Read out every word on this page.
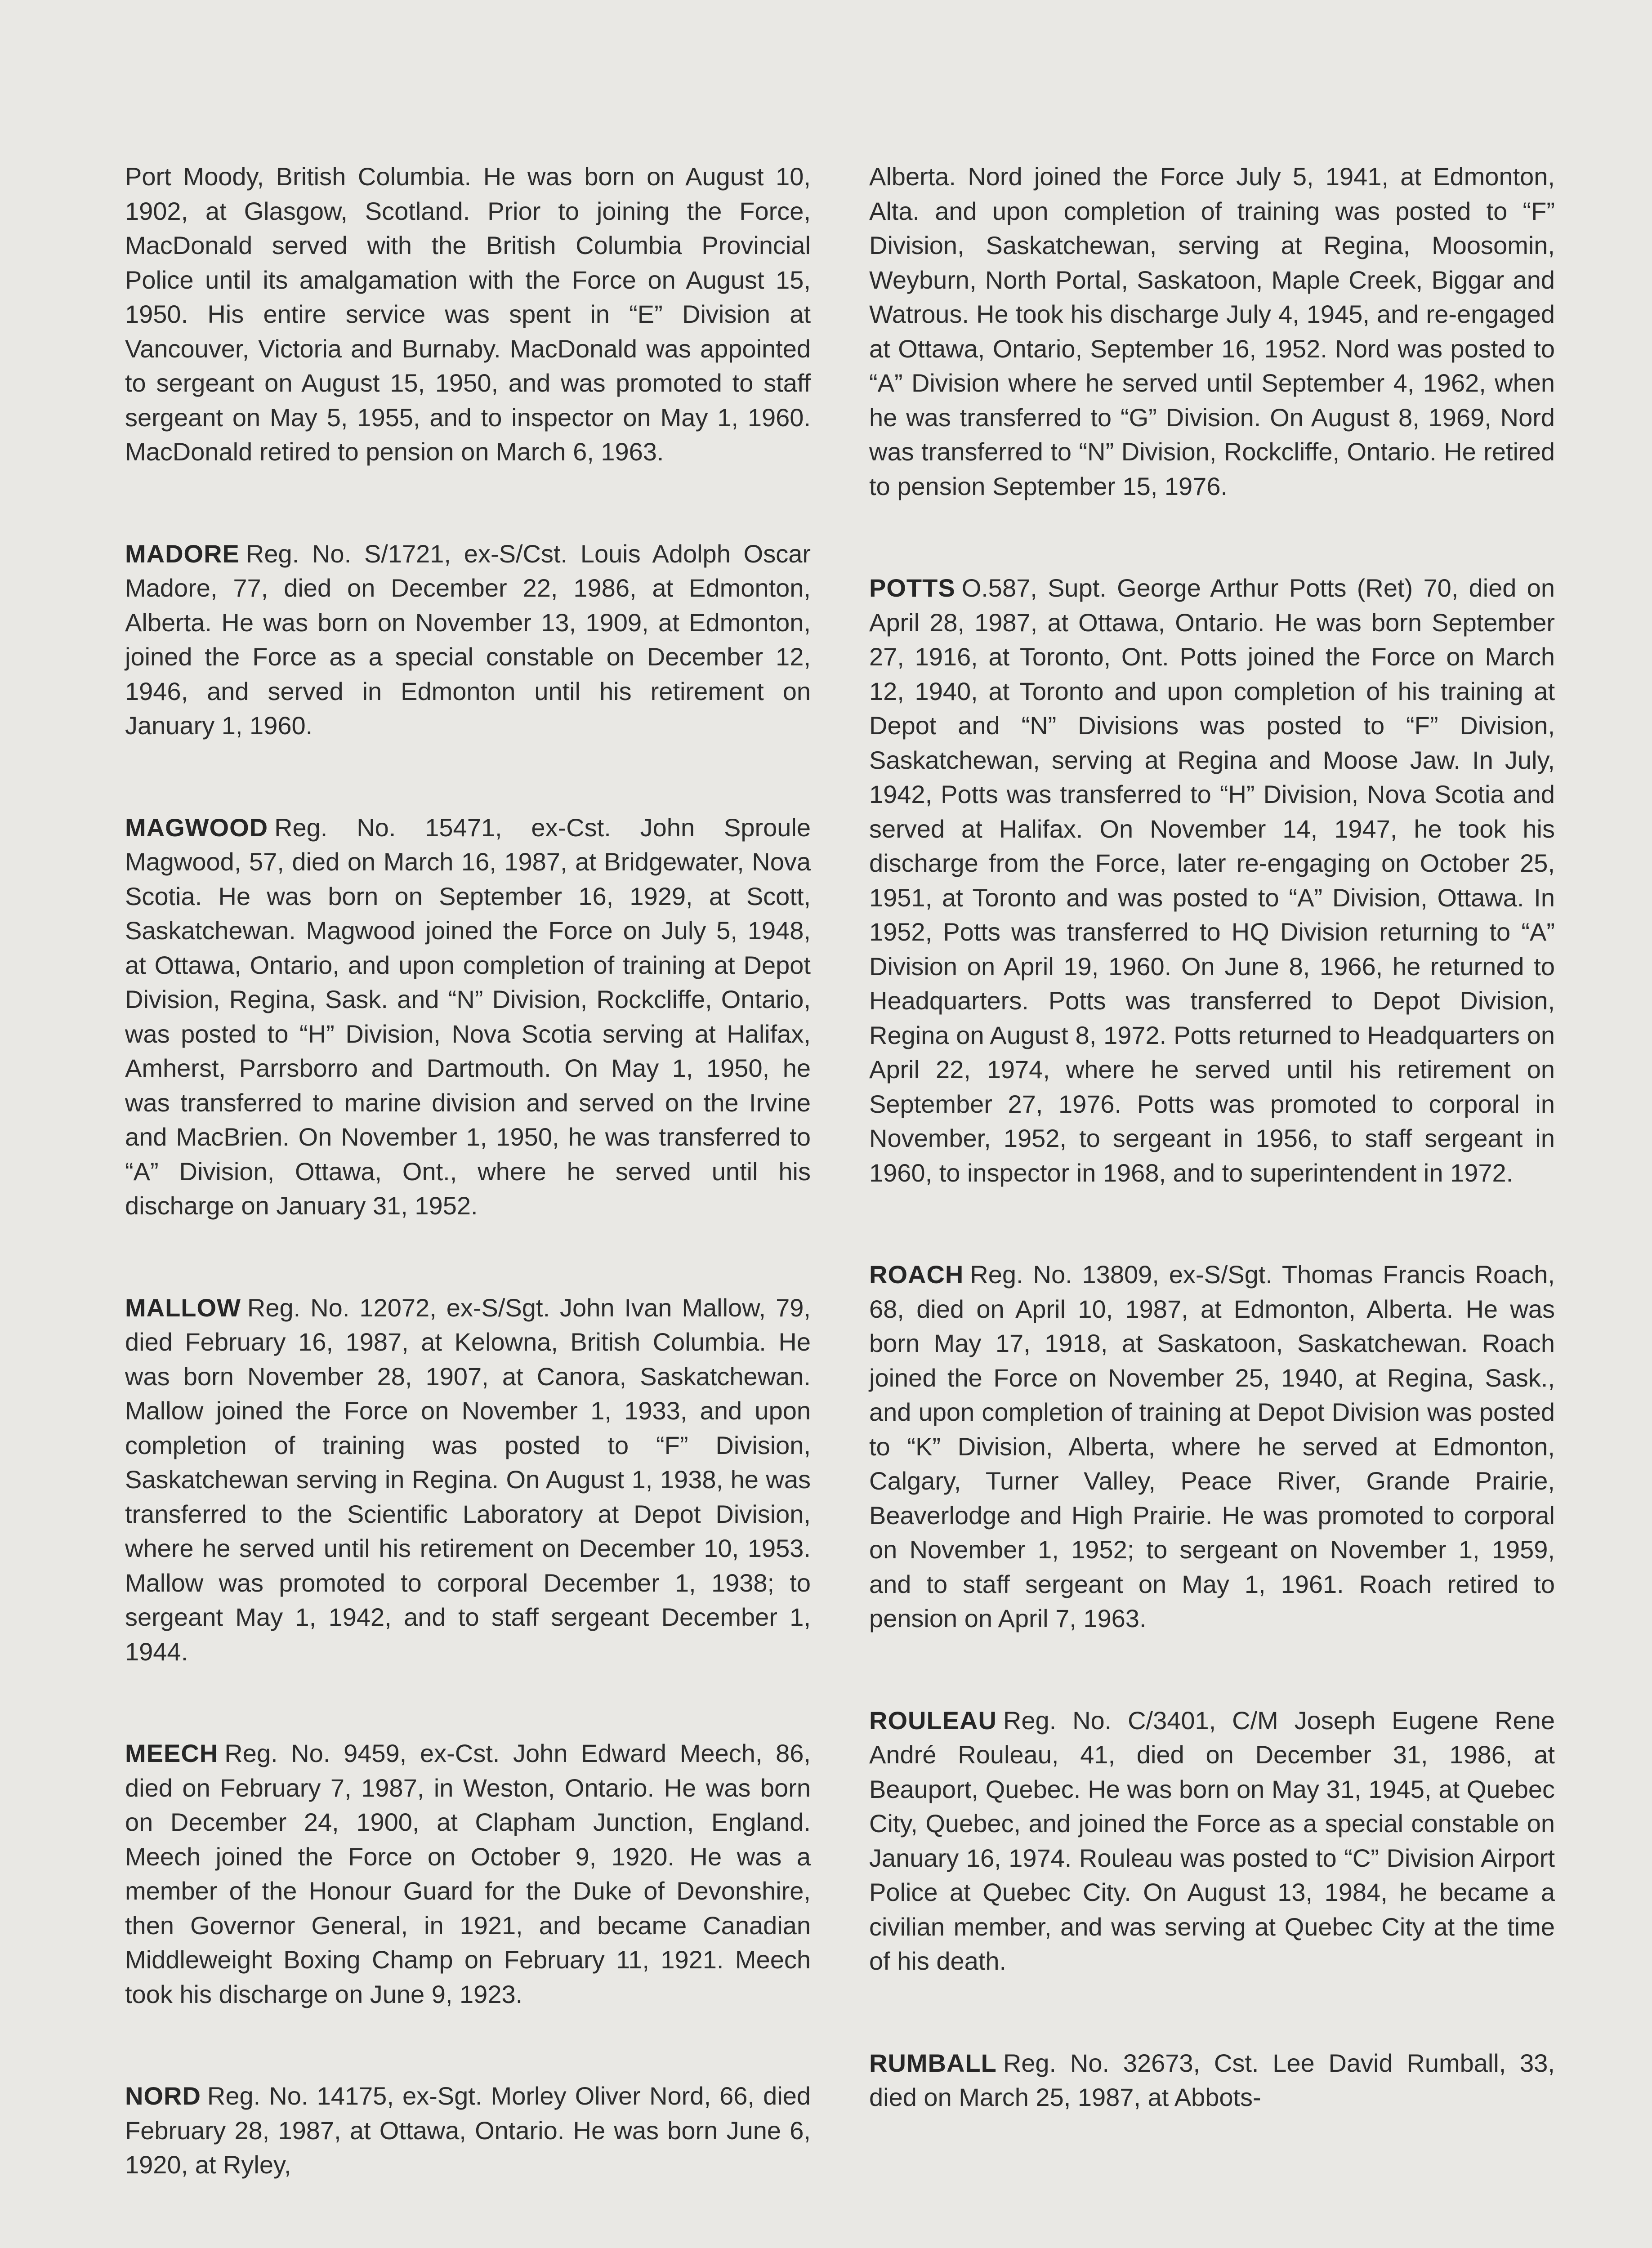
Port Moody, British Columbia. He was born on August 10, 1902, at Glasgow, Scotland. Prior to joining the Force, MacDonald served with the British Columbia Provincial Police until its amalgamation with the Force on August 15, 1950. His entire service was spent in “E” Division at Vancouver, Victoria and Burnaby. MacDonald was appointed to sergeant on August 15, 1950, and was promoted to staff sergeant on May 5, 1955, and to inspector on May 1, 1960. MacDonald retired to pension on March 6, 1963.

MADORE Reg. No. S/1721, ex-S/Cst. Louis Adolph Oscar Madore, 77, died on December 22, 1986, at Edmonton, Alberta. He was born on November 13, 1909, at Edmonton, joined the Force as a special constable on December 12, 1946, and served in Edmonton until his retirement on January 1, 1960.

MAGWOOD Reg. No. 15471, ex-Cst. John Sproule Magwood, 57, died on March 16, 1987, at Bridgewater, Nova Scotia. He was born on September 16, 1929, at Scott, Saskatchewan. Magwood joined the Force on July 5, 1948, at Ottawa, Ontario, and upon completion of training at Depot Division, Regina, Sask. and “N” Division, Rockcliffe, Ontario, was posted to “H” Division, Nova Scotia serving at Halifax, Amherst, Parrsborro and Dartmouth. On May 1, 1950, he was transferred to marine division and served on the Irvine and MacBrien. On November 1, 1950, he was transferred to “A” Division, Ottawa, Ont., where he served until his discharge on January 31, 1952.

MALLOW Reg. No. 12072, ex-S/Sgt. John Ivan Mallow, 79, died February 16, 1987, at Kelowna, British Columbia. He was born November 28, 1907, at Canora, Saskatchewan. Mallow joined the Force on November 1, 1933, and upon completion of training was posted to “F” Division, Saskatchewan serving in Regina. On August 1, 1938, he was transferred to the Scientific Laboratory at Depot Division, where he served until his retirement on December 10, 1953. Mallow was promoted to corporal December 1, 1938; to sergeant May 1, 1942, and to staff sergeant December 1, 1944.

MEECH Reg. No. 9459, ex-Cst. John Edward Meech, 86, died on February 7, 1987, in Weston, Ontario. He was born on December 24, 1900, at Clapham Junction, England. Meech joined the Force on October 9, 1920. He was a member of the Honour Guard for the Duke of Devonshire, then Governor General, in 1921, and became Canadian Middleweight Boxing Champ on February 11, 1921. Meech took his discharge on June 9, 1923.

NORD Reg. No. 14175, ex-Sgt. Morley Oliver Nord, 66, died February 28, 1987, at Ottawa, Ontario. He was born June 6, 1920, at Ryley,

Alberta. Nord joined the Force July 5, 1941, at Edmonton, Alta. and upon completion of training was posted to “F” Division, Saskatchewan, serving at Regina, Moosomin, Weyburn, North Portal, Saskatoon, Maple Creek, Biggar and Watrous. He took his discharge July 4, 1945, and re-engaged at Ottawa, Ontario, September 16, 1952. Nord was posted to “A” Division where he served until September 4, 1962, when he was transferred to “G” Division. On August 8, 1969, Nord was transferred to “N” Division, Rockcliffe, Ontario. He retired to pension September 15, 1976.

POTTS O.587, Supt. George Arthur Potts (Ret) 70, died on April 28, 1987, at Ottawa, Ontario. He was born September 27, 1916, at Toronto, Ont. Potts joined the Force on March 12, 1940, at Toronto and upon completion of his training at Depot and “N” Divisions was posted to “F” Division, Saskatchewan, serving at Regina and Moose Jaw. In July, 1942, Potts was transferred to “H” Division, Nova Scotia and served at Halifax. On November 14, 1947, he took his discharge from the Force, later re-engaging on October 25, 1951, at Toronto and was posted to “A” Division, Ottawa. In 1952, Potts was transferred to HQ Division returning to “A” Division on April 19, 1960. On June 8, 1966, he returned to Headquarters. Potts was transferred to Depot Division, Regina on August 8, 1972. Potts returned to Headquarters on April 22, 1974, where he served until his retirement on September 27, 1976. Potts was promoted to corporal in November, 1952, to sergeant in 1956, to staff sergeant in 1960, to inspector in 1968, and to superintendent in 1972.

ROACH Reg. No. 13809, ex-S/Sgt. Thomas Francis Roach, 68, died on April 10, 1987, at Edmonton, Alberta. He was born May 17, 1918, at Saskatoon, Saskatchewan. Roach joined the Force on November 25, 1940, at Regina, Sask., and upon completion of training at Depot Division was posted to “K” Division, Alberta, where he served at Edmonton, Calgary, Turner Valley, Peace River, Grande Prairie, Beaverlodge and High Prairie. He was promoted to corporal on November 1, 1952; to sergeant on November 1, 1959, and to staff sergeant on May 1, 1961. Roach retired to pension on April 7, 1963.

ROULEAU Reg. No. C/3401, C/M Joseph Eugene Rene André Rouleau, 41, died on December 31, 1986, at Beauport, Quebec. He was born on May 31, 1945, at Quebec City, Quebec, and joined the Force as a special constable on January 16, 1974. Rouleau was posted to “C” Division Airport Police at Quebec City. On August 13, 1984, he became a civilian member, and was serving at Quebec City at the time of his death.

RUMBALL Reg. No. 32673, Cst. Lee David Rumball, 33, died on March 25, 1987, at Abbots-
